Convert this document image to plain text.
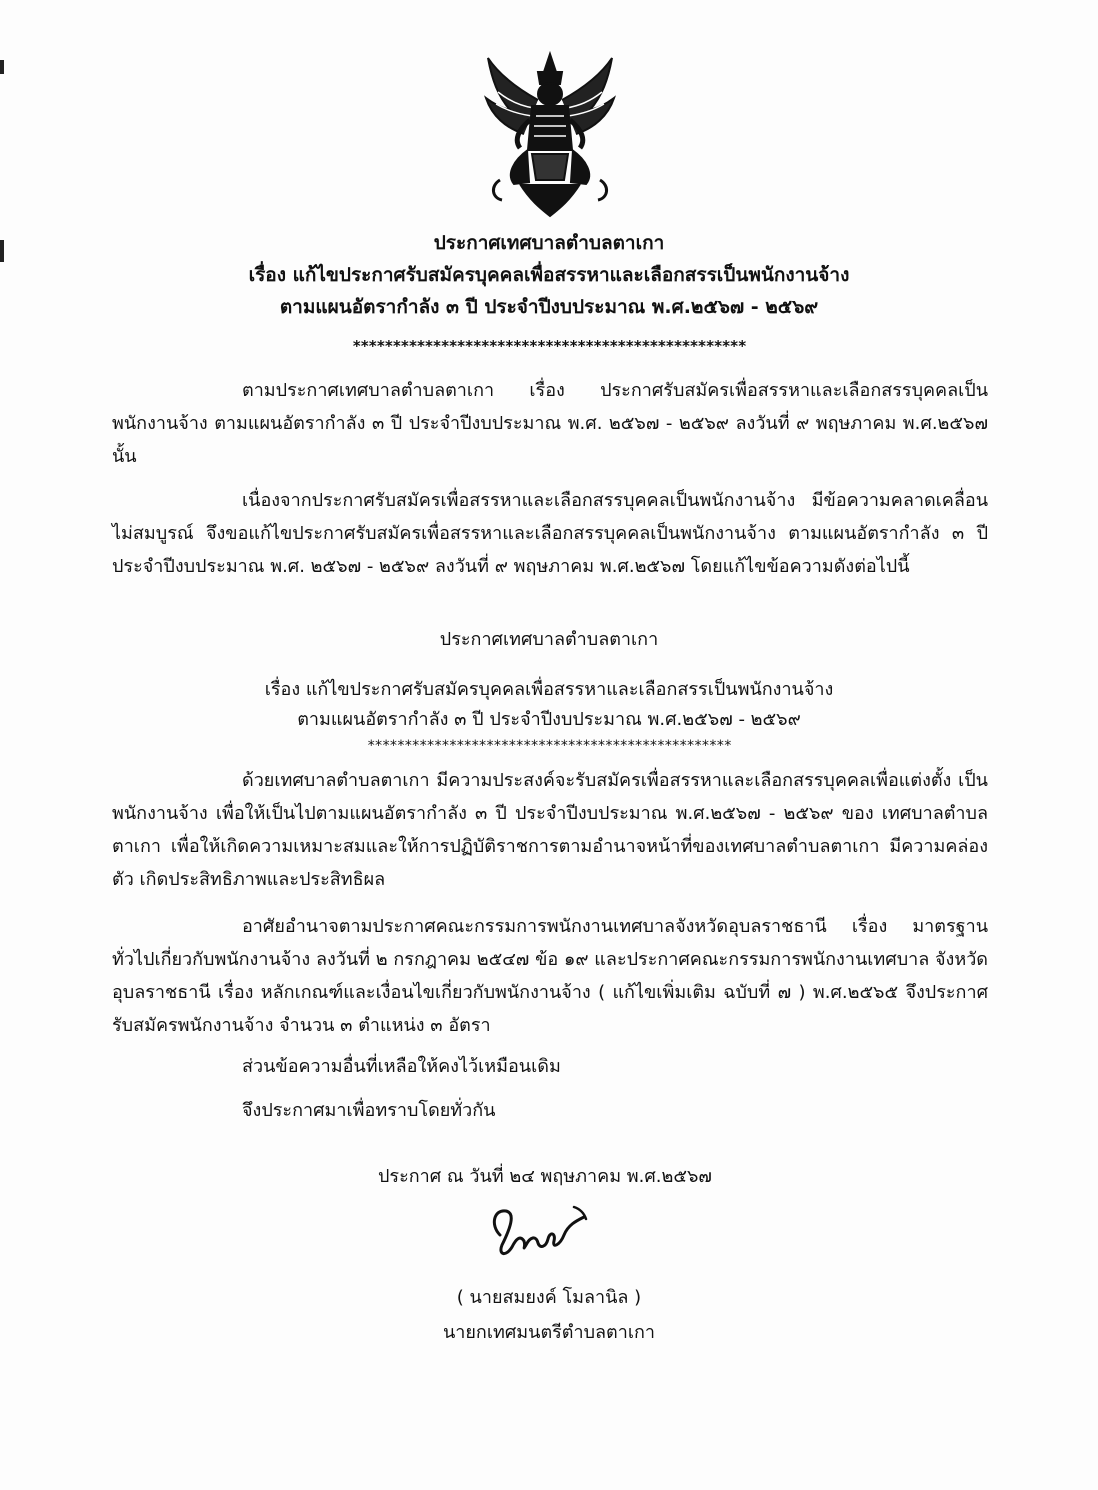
ประกาศเทศบาลตำบลตาเกา
เรื่อง แก้ไขประกาศรับสมัครบุคคลเพื่อสรรหาและเลือกสรรเป็นพนักงานจ้าง
ตามแผนอัตรากำลัง ๓ ปี ประจำปีงบประมาณ พ.ศ.๒๕๖๗ - ๒๕๖๙
*************************************************
ตามประกาศเทศบาลตำบลตาเกา เรื่อง ประกาศรับสมัครเพื่อสรรหาและเลือกสรรบุคคลเป็นพนักงานจ้าง ตามแผนอัตรากำลัง ๓ ปี ประจำปีงบประมาณ พ.ศ. ๒๕๖๗ - ๒๕๖๙ ลงวันที่ ๙ พฤษภาคม พ.ศ.๒๕๖๗ นั้น
เนื่องจากประกาศรับสมัครเพื่อสรรหาและเลือกสรรบุคคลเป็นพนักงานจ้าง มีข้อความคลาดเคลื่อน ไม่สมบูรณ์ จึงขอแก้ไขประกาศรับสมัครเพื่อสรรหาและเลือกสรรบุคคลเป็นพนักงานจ้าง ตามแผนอัตรากำลัง ๓ ปี ประจำปีงบประมาณ พ.ศ. ๒๕๖๗ - ๒๕๖๙ ลงวันที่ ๙ พฤษภาคม พ.ศ.๒๕๖๗ โดยแก้ไขข้อความดังต่อไปนี้
ประกาศเทศบาลตำบลตาเกา
เรื่อง แก้ไขประกาศรับสมัครบุคคลเพื่อสรรหาและเลือกสรรเป็นพนักงานจ้าง
ตามแผนอัตรากำลัง ๓ ปี ประจำปีงบประมาณ พ.ศ.๒๕๖๗ - ๒๕๖๙
*************************************************
ด้วยเทศบาลตำบลตาเกา มีความประสงค์จะรับสมัครเพื่อสรรหาและเลือกสรรบุคคลเพื่อแต่งตั้ง เป็นพนักงานจ้าง เพื่อให้เป็นไปตามแผนอัตรากำลัง ๓ ปี ประจำปีงบประมาณ พ.ศ.๒๕๖๗ - ๒๕๖๙ ของ เทศบาลตำบลตาเกา เพื่อให้เกิดความเหมาะสมและให้การปฏิบัติราชการตามอำนาจหน้าที่ของเทศบาลตำบลตาเกา มีความคล่องตัว เกิดประสิทธิภาพและประสิทธิผล
อาศัยอำนาจตามประกาศคณะกรรมการพนักงานเทศบาลจังหวัดอุบลราชธานี เรื่อง มาตรฐาน ทั่วไปเกี่ยวกับพนักงานจ้าง ลงวันที่ ๒ กรกฎาคม ๒๕๔๗ ข้อ ๑๙ และประกาศคณะกรรมการพนักงานเทศบาล จังหวัดอุบลราชธานี เรื่อง หลักเกณฑ์และเงื่อนไขเกี่ยวกับพนักงานจ้าง ( แก้ไขเพิ่มเติม ฉบับที่ ๗ ) พ.ศ.๒๕๖๕ จึงประกาศรับสมัครพนักงานจ้าง จำนวน ๓ ตำแหน่ง ๓ อัตรา
ส่วนข้อความอื่นที่เหลือให้คงไว้เหมือนเดิม
จึงประกาศมาเพื่อทราบโดยทั่วกัน
ประกาศ ณ วันที่ ๒๔ พฤษภาคม พ.ศ.๒๕๖๗
( นายสมยงค์ โมลานิล )
นายกเทศมนตรีตำบลตาเกา
